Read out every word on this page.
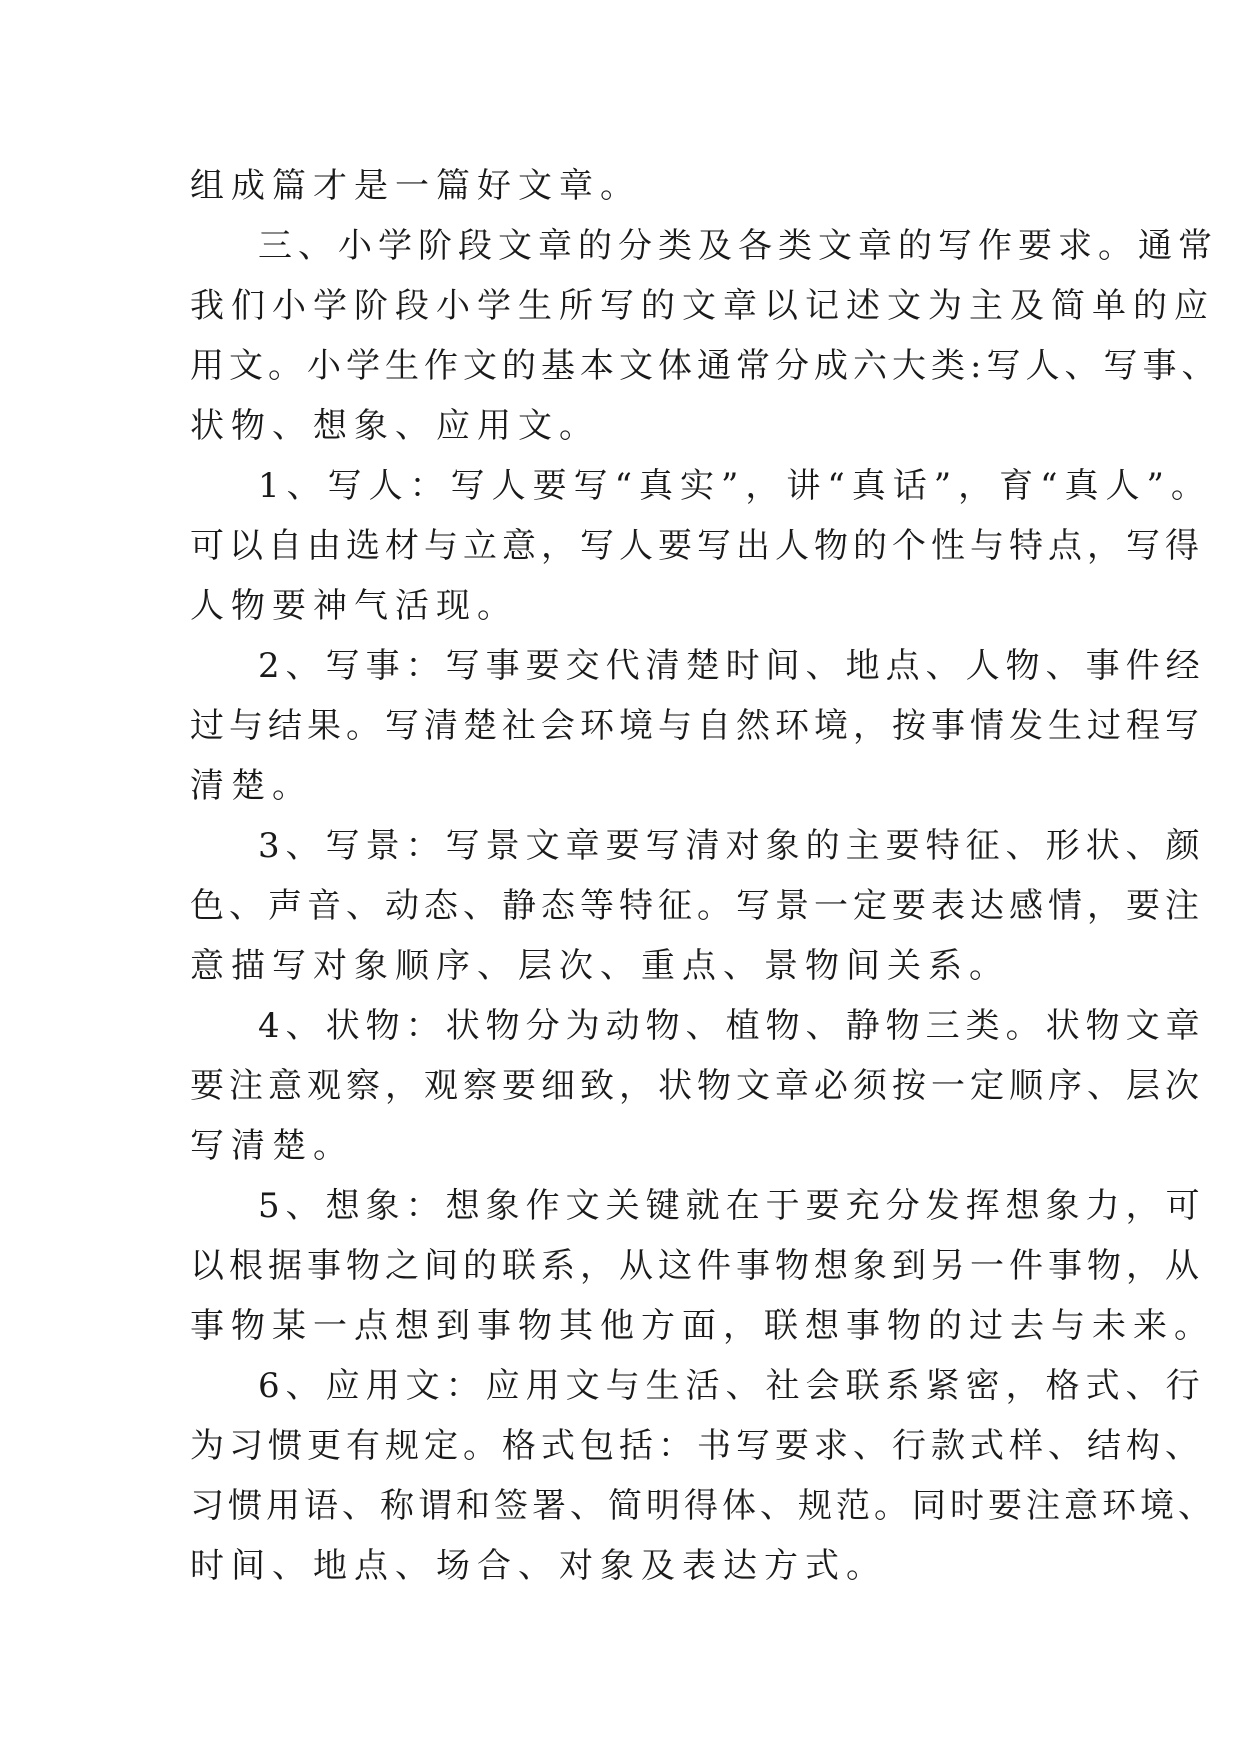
组成篇才是一篇好文章。
三、小学阶段文章的分类及各类文章的写作要求。通常
我们小学阶段小学生所写的文章以记述文为主及简单的应
用文。小学生作文的基本文体通常分成六大类:写人、写事、
状物、想象、应用文。
1、写人：写人要写“真实”，讲“真话”，育“真人”。
可以自由选材与立意，写人要写出人物的个性与特点，写得
人物要神气活现。
2、写事：写事要交代清楚时间、地点、人物、事件经
过与结果。写清楚社会环境与自然环境，按事情发生过程写
清楚。
3、写景：写景文章要写清对象的主要特征、形状、颜
色、声音、动态、静态等特征。写景一定要表达感情，要注
意描写对象顺序、层次、重点、景物间关系。
4、状物：状物分为动物、植物、静物三类。状物文章
要注意观察，观察要细致，状物文章必须按一定顺序、层次
写清楚。
5、想象：想象作文关键就在于要充分发挥想象力，可
以根据事物之间的联系，从这件事物想象到另一件事物，从
事物某一点想到事物其他方面，联想事物的过去与未来。
6、应用文：应用文与生活、社会联系紧密，格式、行
为习惯更有规定。格式包括：书写要求、行款式样、结构、
习惯用语、称谓和签署、简明得体、规范。同时要注意环境、
时间、地点、场合、对象及表达方式。
